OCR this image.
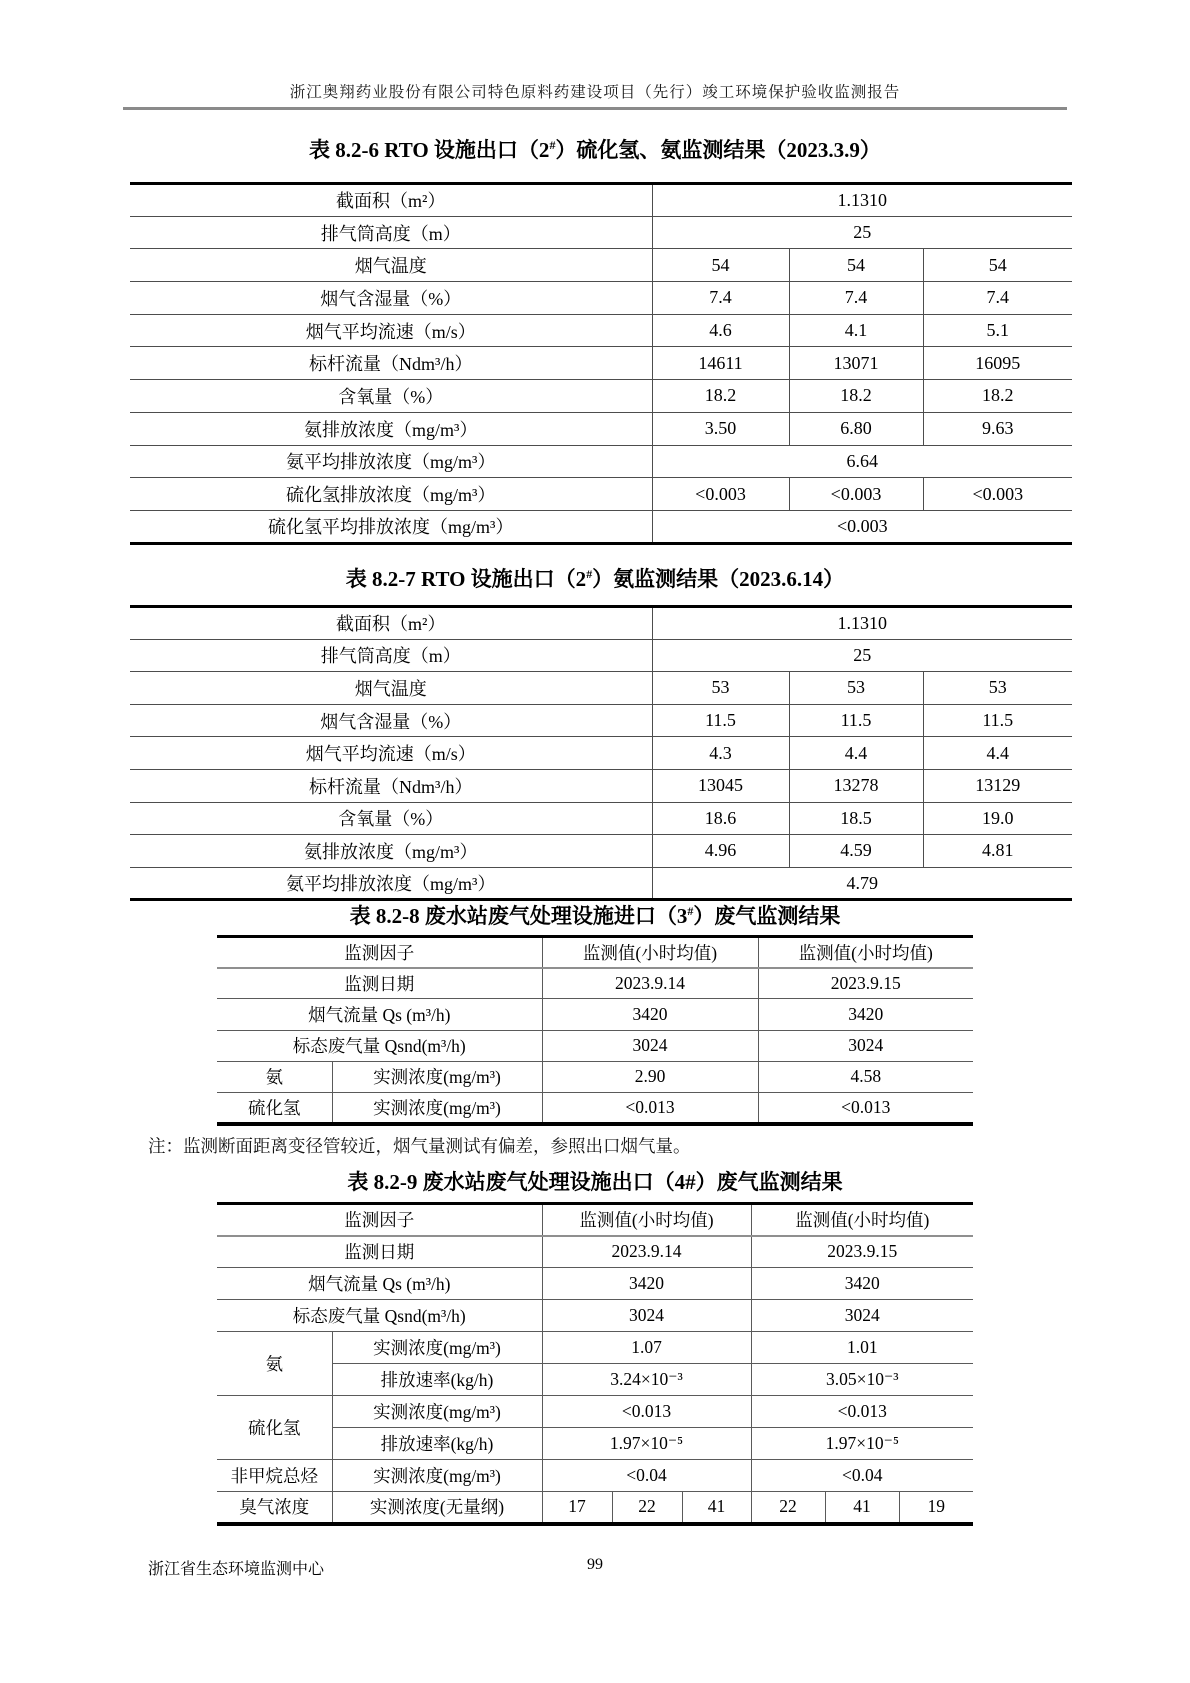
浙江奥翔药业股份有限公司特色原料药建设项目（先行）竣工环境保护验收监测报告
表 8.2-6 RTO 设施出口（2#）硫化氢、氨监测结果（2023.3.9）
截面积（m²）	1.1310		
排气筒高度（m）	25		
烟气温度	54	54	54
烟气含湿量（%）	7.4	7.4	7.4
烟气平均流速（m/s）	4.6	4.1	5.1
标杆流量（Ndm³/h）	14611	13071	16095
含氧量（%）	18.2	18.2	18.2
氨排放浓度（mg/m³）	3.50	6.80	9.63
氨平均排放浓度（mg/m³）	6.64		
硫化氢排放浓度（mg/m³）	<0.003	<0.003	<0.003
硫化氢平均排放浓度（mg/m³）	<0.003		
表 8.2-7 RTO 设施出口（2#）氨监测结果（2023.6.14）
截面积（m²）	1.1310		
排气筒高度（m）	25		
烟气温度	53	53	53
烟气含湿量（%）	11.5	11.5	11.5
烟气平均流速（m/s）	4.3	4.4	4.4
标杆流量（Ndm³/h）	13045	13278	13129
含氧量（%）	18.6	18.5	19.0
氨排放浓度（mg/m³）	4.96	4.59	4.81
氨平均排放浓度（mg/m³）	4.79		
表 8.2-8 废水站废气处理设施进口（3#）废气监测结果
监测因子		监测值(小时均值)	监测值(小时均值)
监测日期		2023.9.14	2023.9.15
烟气流量 Qs (m³/h)		3420	3420
标态废气量 Qsnd(m³/h)		3024	3024
氨	实测浓度(mg/m³)	2.90	4.58
硫化氢	实测浓度(mg/m³)	<0.013	<0.013
注：监测断面距离变径管较近，烟气量测试有偏差，参照出口烟气量。
表 8.2-9 废水站废气处理设施出口（4#）废气监测结果
监测因子		监测值(小时均值)			监测值(小时均值)		
监测日期		2023.9.14			2023.9.15		
烟气流量 Qs (m³/h)		3420			3420		
标态废气量 Qsnd(m³/h)		3024			3024		
氨	实测浓度(mg/m³)	1.07			1.01		
	排放速率(kg/h)	3.24×10⁻³			3.05×10⁻³		
硫化氢	实测浓度(mg/m³)	<0.013			<0.013		
	排放速率(kg/h)	1.97×10⁻⁵			1.97×10⁻⁵		
非甲烷总烃	实测浓度(mg/m³)	<0.04			<0.04		
臭气浓度	实测浓度(无量纲)	17	22	41	22	41	19
浙江省生态环境监测中心	99
